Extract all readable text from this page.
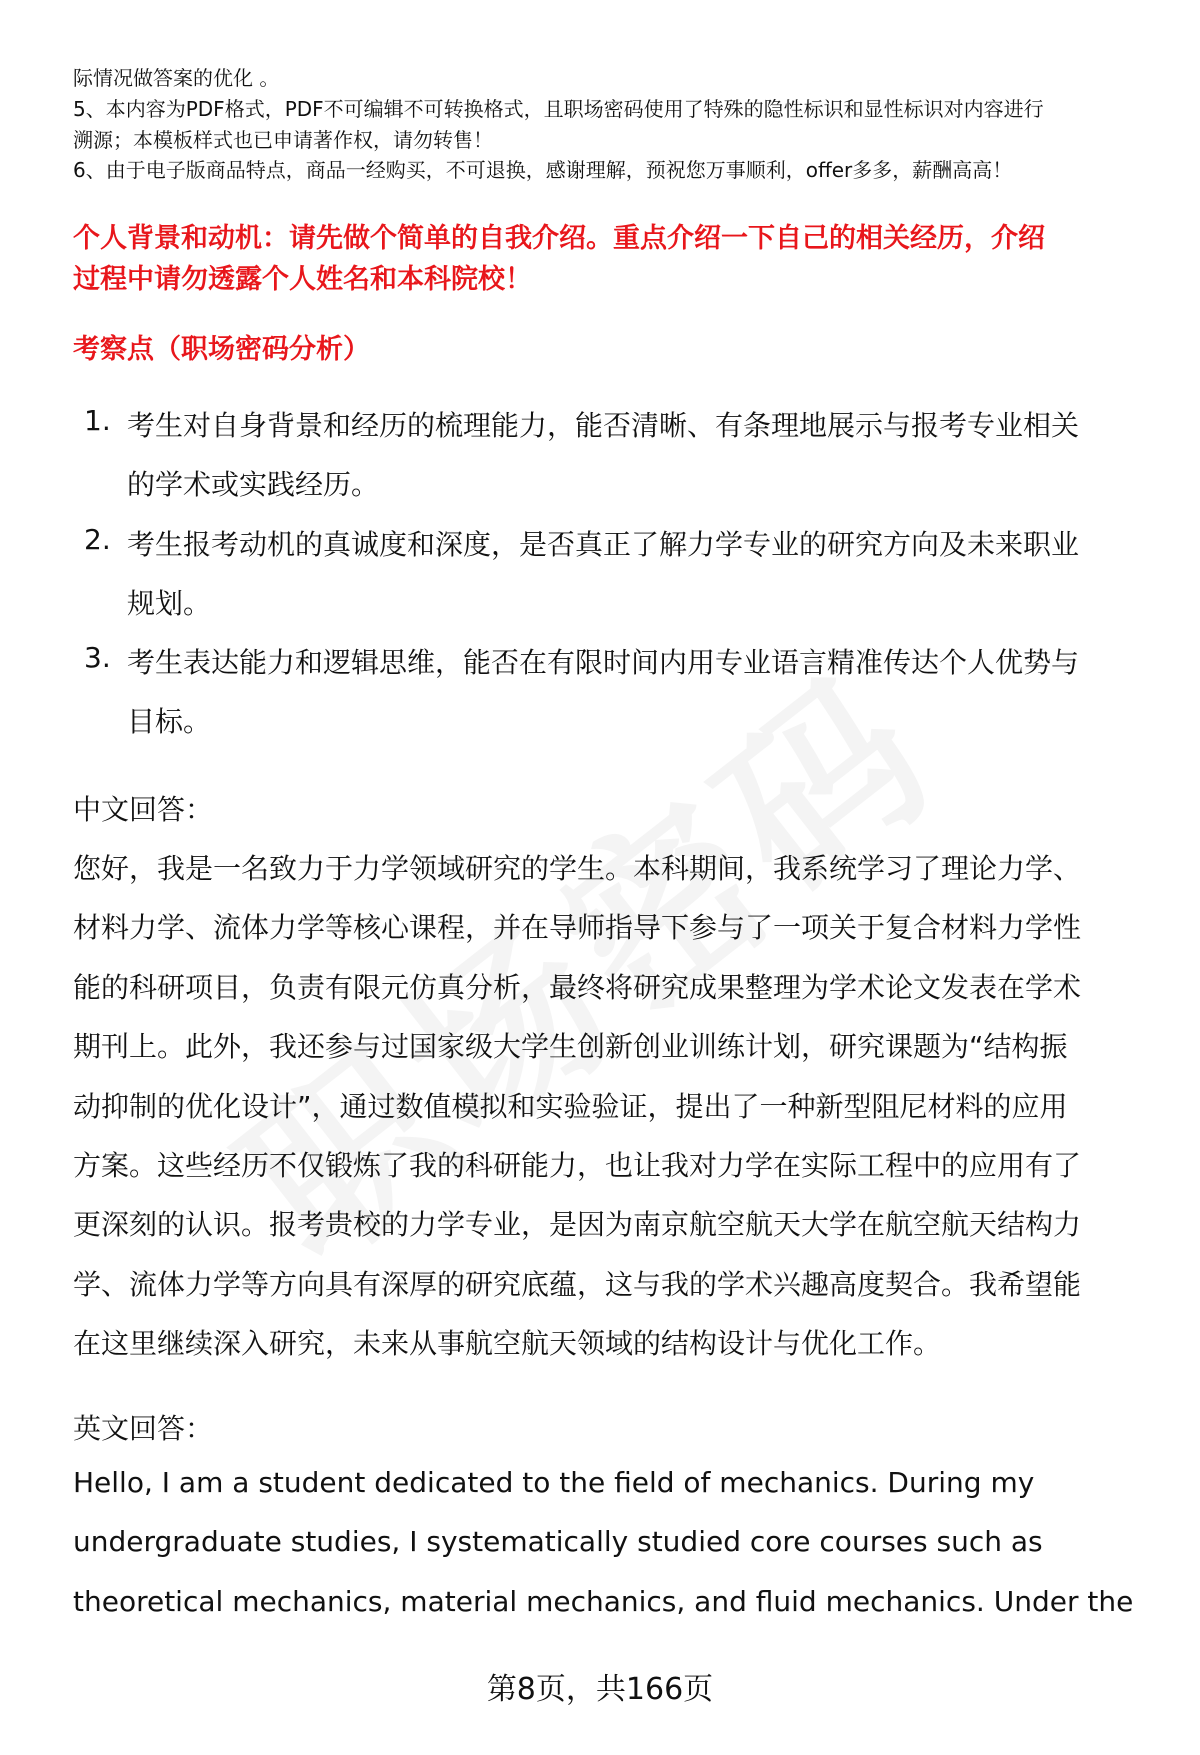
际情况做答案的优化 。
5、本内容为PDF格式，PDF不可编辑不可转换格式，且职场密码使用了特殊的隐性标识和显性标识对内容进行
溯源；本模板样式也已申请著作权，请勿转售！
6、由于电子版商品特点，商品一经购买，不可退换，感谢理解，预祝您万事顺利，offer多多，薪酬高高！
个人背景和动机：请先做个简单的自我介绍。重点介绍一下自己的相关经历，介绍
过程中请勿透露个人姓名和本科院校！
考察点（职场密码分析）
1. 考生对自身背景和经历的梳理能力，能否清晰、有条理地展示与报考专业相关
的学术或实践经历。
2. 考生报考动机的真诚度和深度，是否真正了解力学专业的研究方向及未来职业
规划。
3. 考生表达能力和逻辑思维，能否在有限时间内用专业语言精准传达个人优势与
目标。
中文回答：
您好，我是一名致力于力学领域研究的学生。本科期间，我系统学习了理论力学、
材料力学、流体力学等核心课程，并在导师指导下参与了一项关于复合材料力学性
能的科研项目，负责有限元仿真分析，最终将研究成果整理为学术论文发表在学术
期刊上。此外，我还参与过国家级大学生创新创业训练计划，研究课题为“结构振
动抑制的优化设计”，通过数值模拟和实验验证，提出了一种新型阻尼材料的应用
方案。这些经历不仅锻炼了我的科研能力，也让我对力学在实际工程中的应用有了
更深刻的认识。报考贵校的力学专业，是因为南京航空航天大学在航空航天结构力
学、流体力学等方向具有深厚的研究底蕴，这与我的学术兴趣高度契合。我希望能
在这里继续深入研究，未来从事航空航天领域的结构设计与优化工作。
英文回答：
Hello, I am a student dedicated to the field of mechanics. During my
undergraduate studies, I systematically studied core courses such as
theoretical mechanics, material mechanics, and fluid mechanics. Under the
第8页，共166页
